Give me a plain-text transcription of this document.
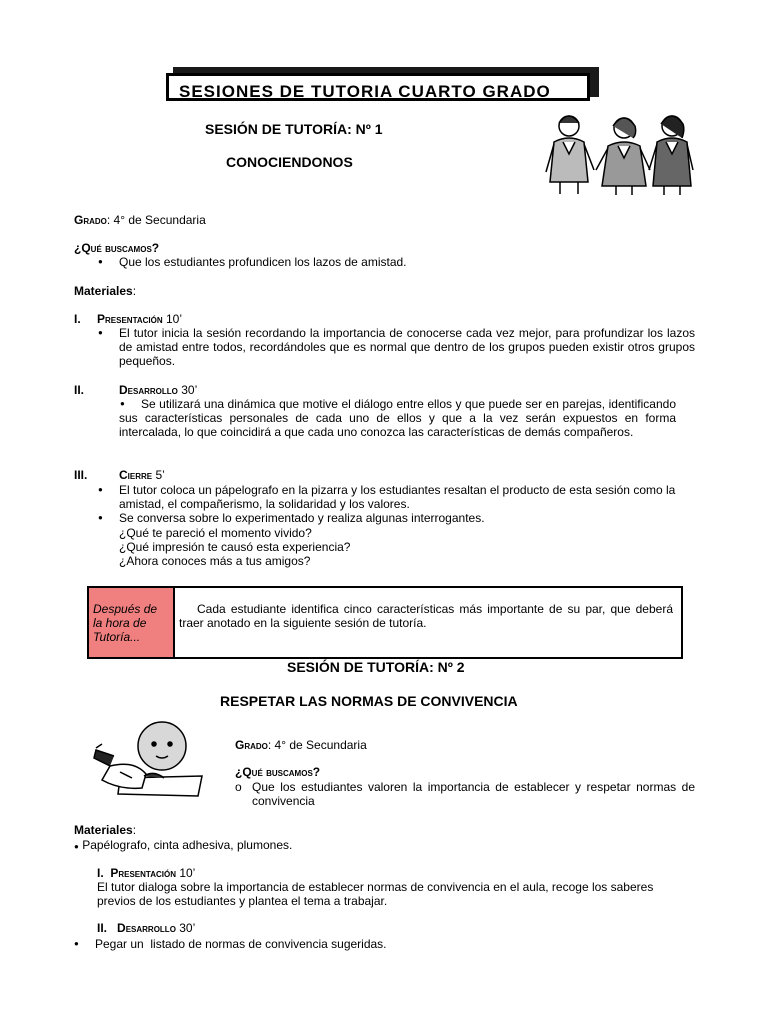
SESIONES DE TUTORIA CUARTO GRADO
SESIÓN DE TUTORÍA: Nº 1
CONOCIENDONOS
Grado: 4° de Secundaria
¿Qué buscamos?
● Que los estudiantes profundicen los lazos de amistad.
Materiales:
I. Presentación 10’
● El tutor inicia la sesión recordando la importancia de conocerse cada vez mejor, para profundizar los lazos de amistad entre todos, recordándoles que es normal que dentro de los grupos pueden existir otros grupos pequeños.
II.	Desarrollo 30’
● Se utilizará una dinámica que motive el diálogo entre ellos y que puede ser en parejas, identificando sus características personales de cada uno de ellos y que a la vez serán expuestos en forma intercalada, lo que coincidirá a que cada uno conozca las características de demás compañeros.
III.	Cierre 5’
● El tutor coloca un pápelografo en la pizarra y los estudiantes resaltan el producto de esta sesión como la amistad, el compañerismo, la solidaridad y los valores.
● Se conversa sobre lo experimentado y realiza algunas interrogantes.
¿Qué te pareció el momento vivido?
¿Qué impresión te causó esta experiencia?
¿Ahora conoces más a tus amigos?
Después de la hora de Tutoría...
Cada estudiante identifica cinco características más importante de su par, que deberá traer anotado en la siguiente sesión de tutoría.
SESIÓN DE TUTORÍA: Nº 2
RESPETAR LAS NORMAS DE CONVIVENCIA
Grado: 4° de Secundaria
¿Qué buscamos?
o Que los estudiantes valoren la importancia de establecer y respetar normas de convivencia
Materiales:
● Papélografo, cinta adhesiva, plumones.
I. Presentación 10’
El tutor dialoga sobre la importancia de establecer normas de convivencia en el aula, recoge los saberes previos de los estudiantes y plantea el tema a trabajar.
II. Desarrollo 30’
● Pegar un  listado de normas de convivencia sugeridas.
